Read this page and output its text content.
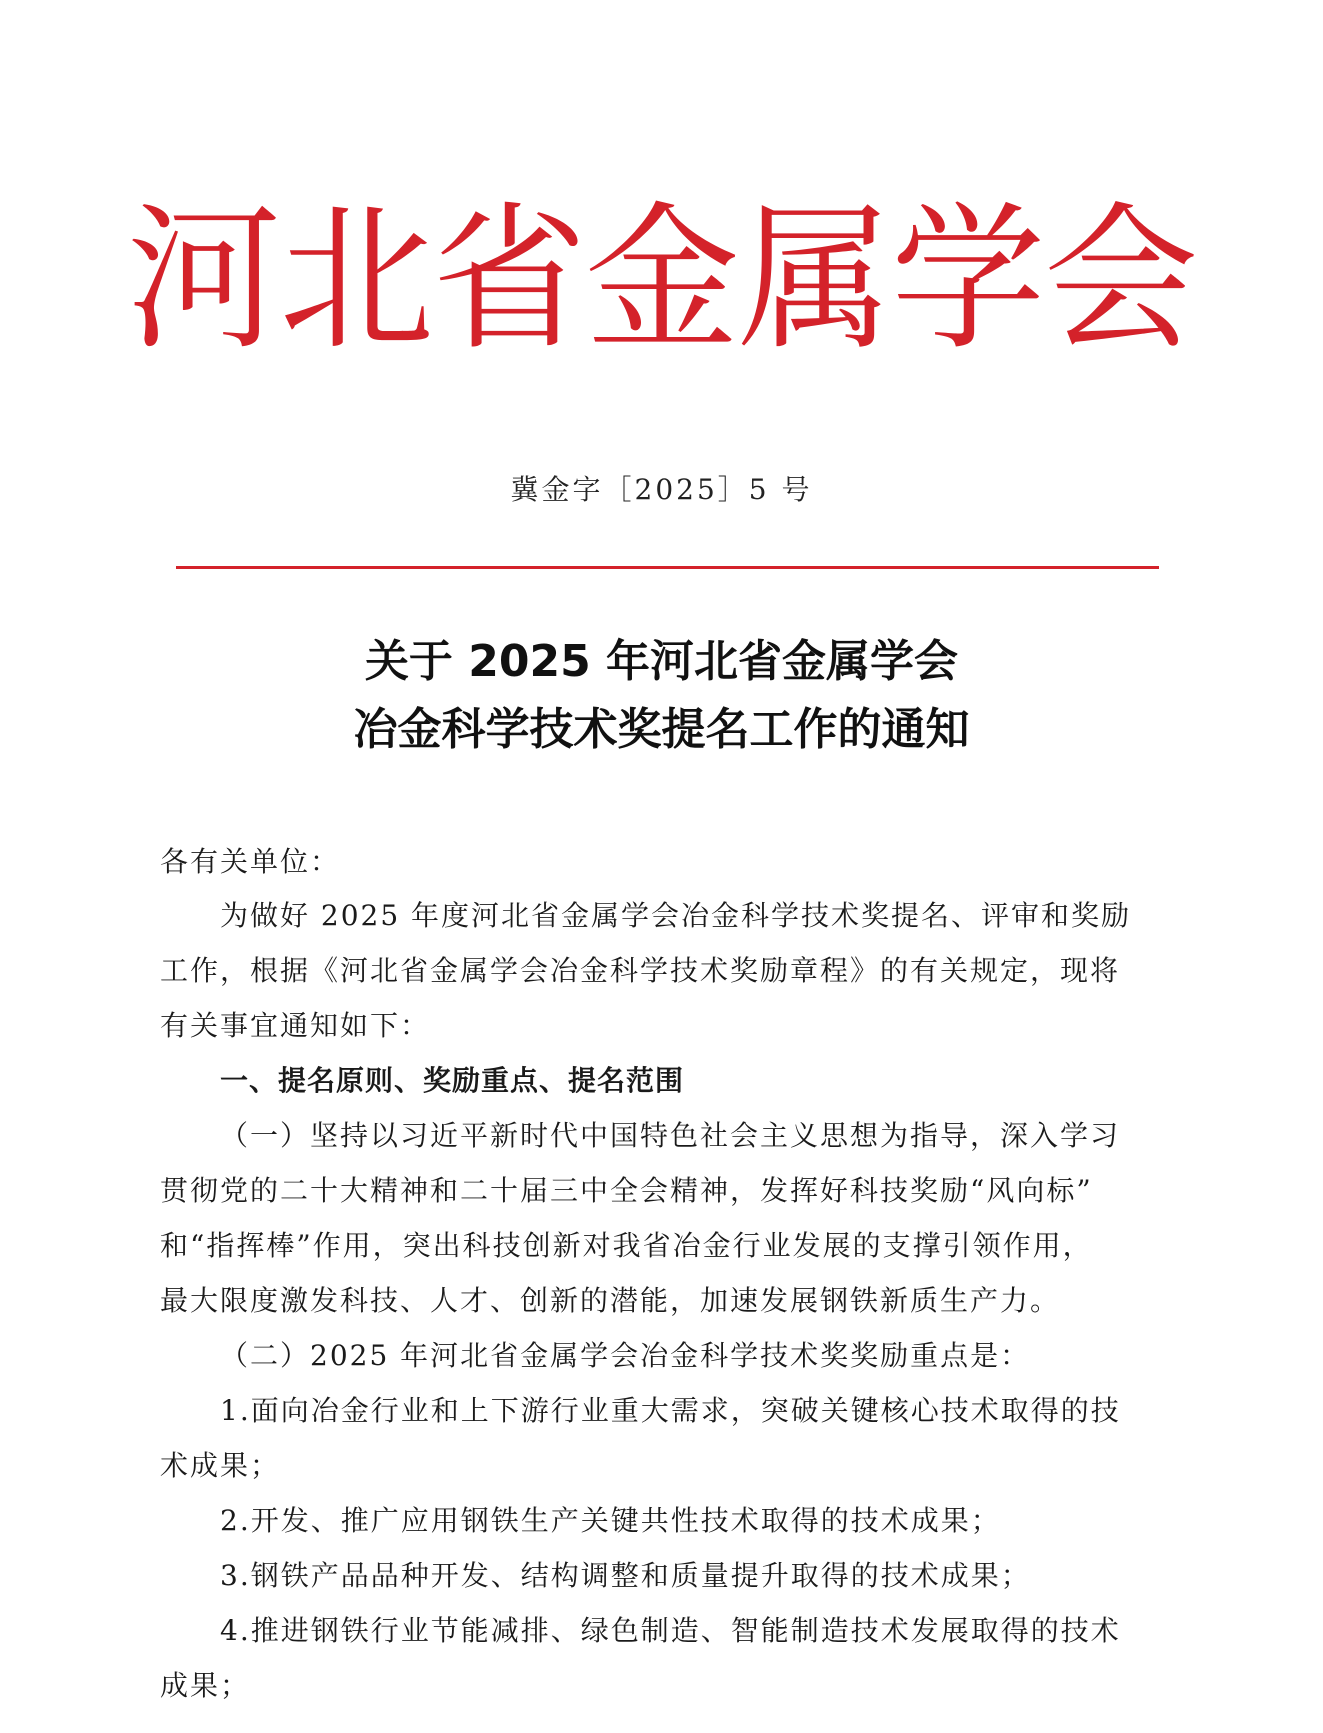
河北省金属学会
冀金字［2025］5 号
关于 2025 年河北省金属学会
冶金科学技术奖提名工作的通知
各有关单位：
为做好 2025 年度河北省金属学会冶金科学技术奖提名、评审和奖励
工作，根据《河北省金属学会冶金科学技术奖励章程》的有关规定，现将
有关事宜通知如下：
一、提名原则、奖励重点、提名范围
（一）坚持以习近平新时代中国特色社会主义思想为指导，深入学习
贯彻党的二十大精神和二十届三中全会精神，发挥好科技奖励“风向标”
和“指挥棒”作用，突出科技创新对我省冶金行业发展的支撑引领作用，
最大限度激发科技、人才、创新的潜能，加速发展钢铁新质生产力。
（二）2025 年河北省金属学会冶金科学技术奖奖励重点是：
1.面向冶金行业和上下游行业重大需求，突破关键核心技术取得的技
术成果；
2.开发、推广应用钢铁生产关键共性技术取得的技术成果；
3.钢铁产品品种开发、结构调整和质量提升取得的技术成果；
4.推进钢铁行业节能减排、绿色制造、智能制造技术发展取得的技术
成果；
